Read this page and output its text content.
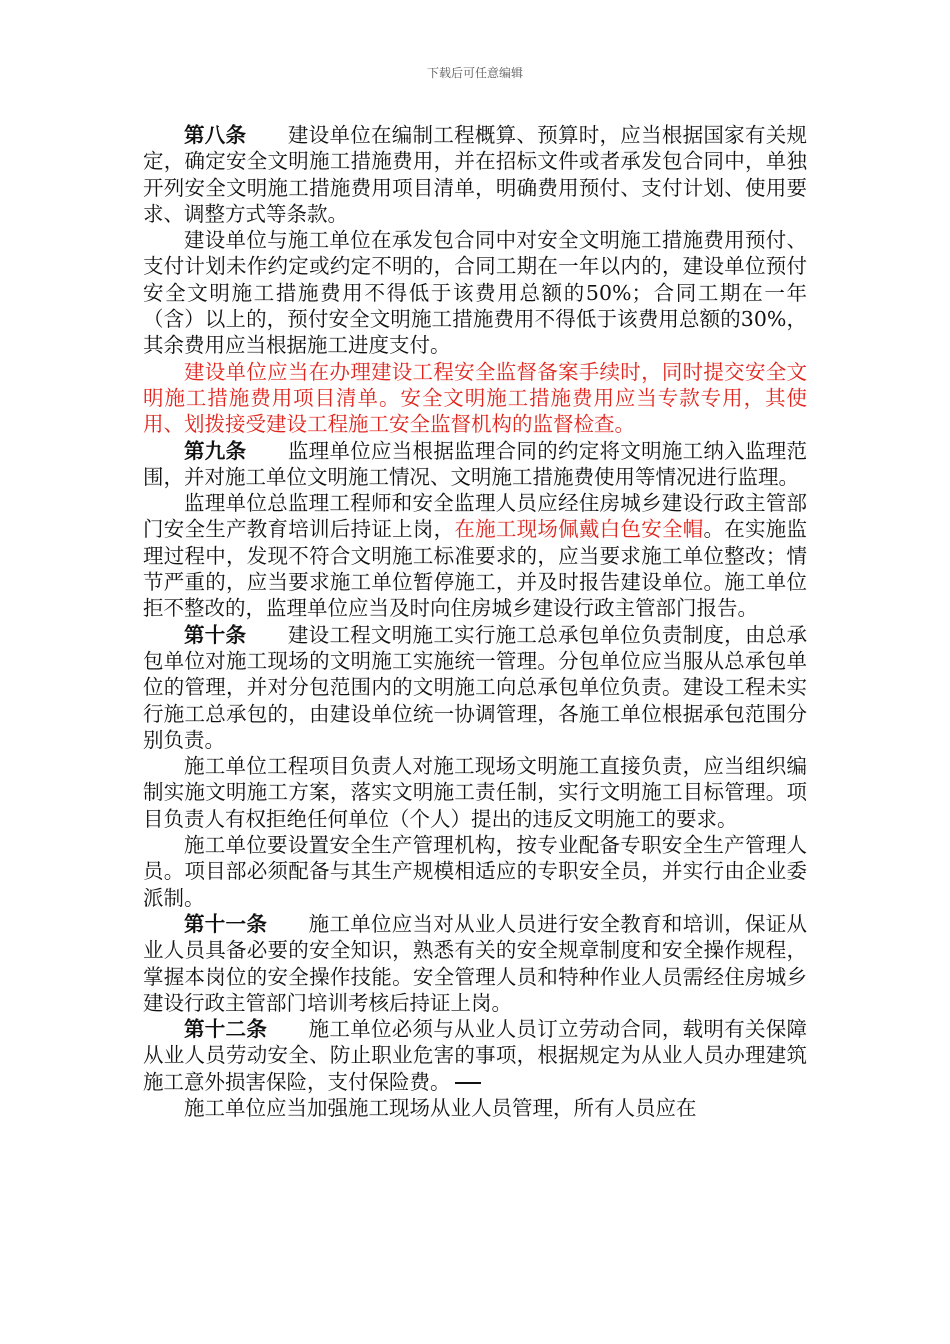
下载后可任意编辑

第八条　　 建设单位在编制工程概算、预算时，应当根据国家有关规定，确定安全文明施工措施费用，并在招标文件或者承发包合同中，单独开列安全文明施工措施费用项目清单，明确费用预付、支付计划、使用要求、调整方式等条款。

建设单位与施工单位在承发包合同中对安全文明施工措施费用预付、支付计划未作约定或约定不明的，合同工期在一年以内的，建设单位预付安全文明施工措施费用不得低于该费用总额的50%；合同工期在一年（含）以上的，预付安全文明施工措施费用不得低于该费用总额的30%，其余费用应当根据施工进度支付。

建设单位应当在办理建设工程安全监督备案手续时，同时提交安全文明施工措施费用项目清单。安全文明施工措施费用应当专款专用，其使用、划拨接受建设工程施工安全监督机构的监督检查。

第九条　　 监理单位应当根据监理合同的约定将文明施工纳入监理范围，并对施工单位文明施工情况、文明施工措施费使用等情况进行监理。

监理单位总监理工程师和安全监理人员应经住房城乡建设行政主管部门安全生产教育培训后持证上岗，在施工现场佩戴白色安全帽。在实施监理过程中，发现不符合文明施工标准要求的，应当要求施工单位整改；情节严重的，应当要求施工单位暂停施工，并及时报告建设单位。施工单位拒不整改的，监理单位应当及时向住房城乡建设行政主管部门报告。

第十条　　 建设工程文明施工实行施工总承包单位负责制度，由总承包单位对施工现场的文明施工实施统一管理。分包单位应当服从总承包单位的管理，并对分包范围内的文明施工向总承包单位负责。建设工程未实行施工总承包的，由建设单位统一协调管理，各施工单位根据承包范围分别负责。

施工单位工程项目负责人对施工现场文明施工直接负责，应当组织编制实施文明施工方案，落实文明施工责任制，实行文明施工目标管理。项目负责人有权拒绝任何单位（个人）提出的违反文明施工的要求。

施工单位要设置安全生产管理机构，按专业配备专职安全生产管理人员。项目部必须配备与其生产规模相适应的专职安全员，并实行由企业委派制。

第十一条　　 施工单位应当对从业人员进行安全教育和培训，保证从业人员具备必要的安全知识，熟悉有关的安全规章制度和安全操作规程，掌握本岗位的安全操作技能。安全管理人员和特种作业人员需经住房城乡建设行政主管部门培训考核后持证上岗。

第十二条　　 施工单位必须与从业人员订立劳动合同，载明有关保障从业人员劳动安全、防止职业危害的事项，根据规定为从业人员办理建筑施工意外损害保险，支付保险费。

施工单位应当加强施工现场从业人员管理，所有人员应在
